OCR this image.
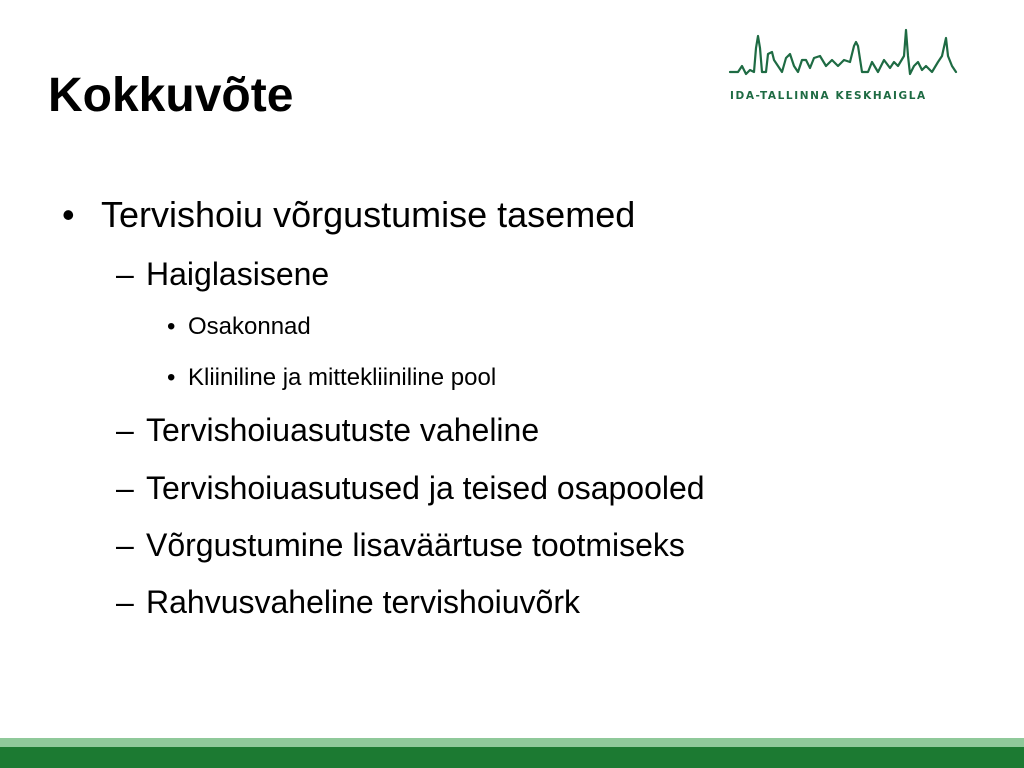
Kokkuvõte	IDA-TALLINNA KESKHAIGLA
• Tervishoiu võrgustumise tasemed
– Haiglasisene
• Osakonnad
• Kliiniline ja mittekliiniline pool
– Tervishoiuasutuste vaheline
– Tervishoiuasutused ja teised osapooled
– Võrgustumine lisaväärtuse tootmiseks
– Rahvusvaheline tervishoiuvõrk
